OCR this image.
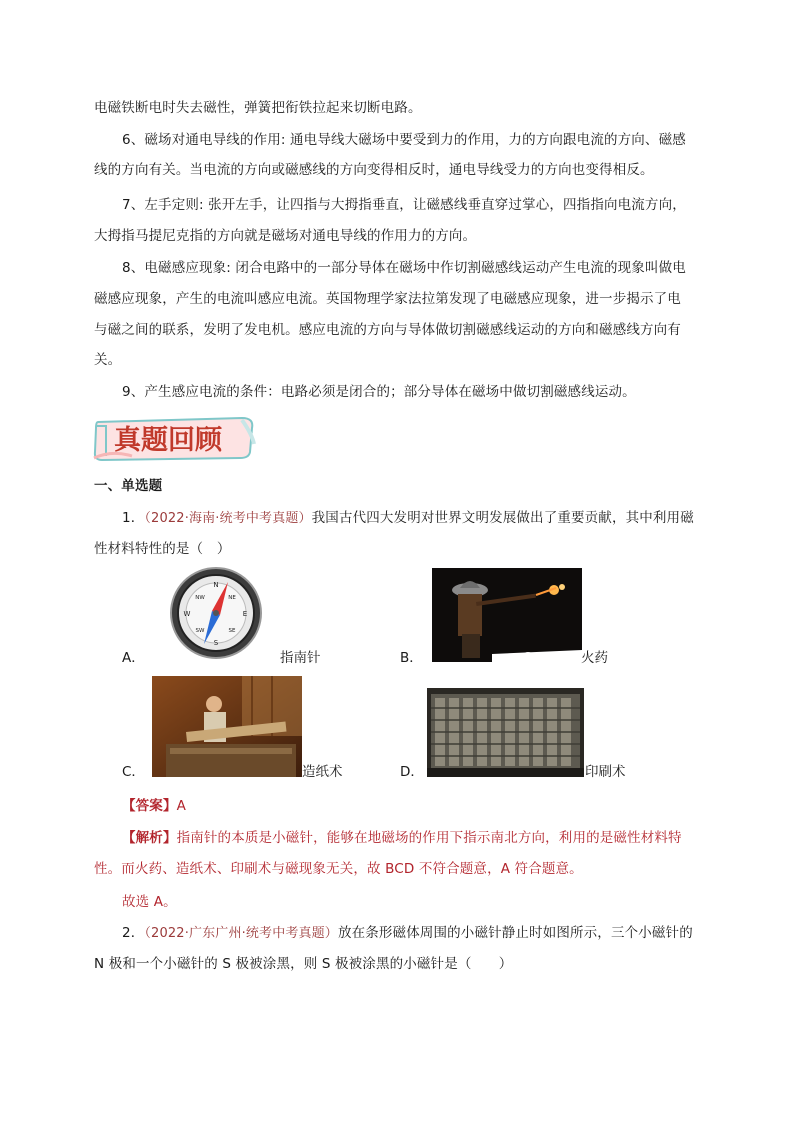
电磁铁断电时失去磁性，弹簧把衔铁拉起来切断电路。
6、磁场对通电导线的作用: 通电导线大磁场中要受到力的作用，力的方向跟电流的方向、磁感
线的方向有关。当电流的方向或磁感线的方向变得相反时，通电导线受力的方向也变得相反。
7、左手定则: 张开左手，让四指与大拇指垂直，让磁感线垂直穿过掌心，四指指向电流方向，
大拇指马提尼克指的方向就是磁场对通电导线的作用力的方向。
8、电磁感应现象: 闭合电路中的一部分导体在磁场中作切割磁感线运动产生电流的现象叫做电
磁感应现象，产生的电流叫感应电流。英国物理学家法拉第发现了电磁感应现象，进一步揭示了电
与磁之间的联系，发明了发电机。感应电流的方向与导体做切割磁感线运动的方向和磁感线方向有
关。
9、产生感应电流的条件：电路必须是闭合的；部分导体在磁场中做切割磁感线运动。
真题回顾
一、单选题
1．（2022·海南·统考中考真题）我国古代四大发明对世界文明发展做出了重要贡献，其中利用磁
性材料特性的是（　）
A．
N
S
E
W
NE
NW
SE
SW
指南针	B．	火药
C．	造纸术	D．	印刷术
【答案】A
【解析】指南针的本质是小磁针，能够在地磁场的作用下指示南北方向，利用的是磁性材料特
性。而火药、造纸术、印刷术与磁现象无关，故 BCD 不符合题意，A 符合题意。
故选 A。
2．（2022·广东广州·统考中考真题）放在条形磁体周围的小磁针静止时如图所示，三个小磁针的
N 极和一个小磁针的 S 极被涂黑，则 S 极被涂黑的小磁针是（　　）
